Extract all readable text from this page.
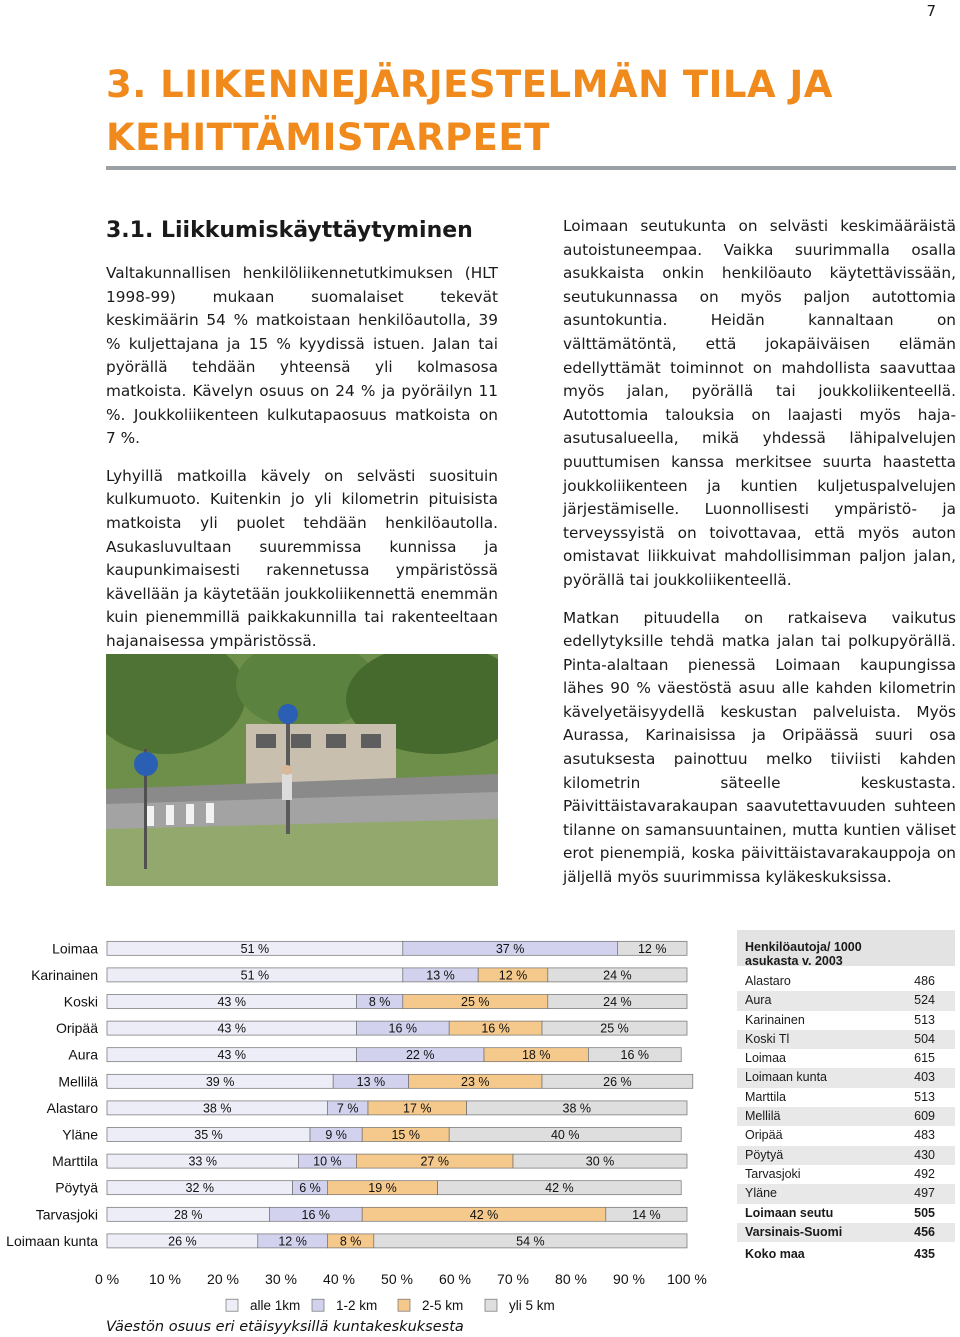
7
3. LIIKENNEJÄRJESTELMÄN TILA JA
KEHITTÄMISTARPEET
3.1. Liikkumiskäyttäytyminen

Valtakunnallisen henkilöliikennetutkimuksen (HLT 1998-99) mukaan suomalaiset tekevät keskimäärin 54 % matkoistaan henkilöautolla, 39 % kuljettajana ja 15 % kyydissä istuen. Jalan tai pyörällä tehdään yhteensä yli kolmasosa matkoista. Kävelyn osuus on 24 % ja pyöräilyn 11 %. Joukkoliikenteen kulkutapaosuus matkoista on 7 %.

Lyhyillä matkoilla kävely on selvästi suosituin kulkumuoto. Kuitenkin jo yli kilometrin pituisista matkoista yli puolet tehdään henkilöautolla. Asukasluvultaan suuremmissa kunnissa ja kaupunkimaisesti rakennetussa ympäristössä kävellään ja käytetään joukkoliikennettä enemmän kuin pienemmillä paikkakunnilla tai rakenteeltaan hajanaisessa ympäristössä.

Loimaan seutukunta on selvästi keskimääräistä autoistuneempaa. Vaikka suurimmalla osalla asukkaista onkin henkilöauto käytettävissään, seutukunnassa on myös paljon autottomia asuntokuntia. Heidän kannaltaan on välttämätöntä, että jokapäiväisen elämän edellyttämät toiminnot on mahdollista saavuttaa myös jalan, pyörällä tai joukkoliikenteellä. Autottomia talouksia on laajasti myös haja-asutusalueella, mikä yhdessä lähipalvelujen puuttumisen kanssa merkitsee suurta haastetta joukkoliikenteen ja kuntien kuljetuspalvelujen järjestämiselle. Luonnollisesti ympäristö- ja terveyssyistä on toivottavaa, että myös auton omistavat liikkuivat mahdollisimman paljon jalan, pyörällä tai joukkoliikenteellä.

Matkan pituudella on ratkaiseva vaikutus edellytyksille tehdä matka jalan tai polkupyörällä. Pinta-alaltaan pienessä Loimaan kaupungissa lähes 90 % väestöstä asuu alle kahden kilometrin kävelyetäisyydellä keskustan palveluista. Myös Aurassa, Karinaisissa ja Oripäässä suuri osa asutuksesta painottuu melko tiiviisti kahden kilometrin säteelle keskustasta. Päivittäistavarakaupan saavutettavuuden suhteen tilanne on samansuuntainen, mutta kuntien väliset erot pienempiä, koska päivittäistavarakauppoja on jäljellä myös suurimmissa kyläkeskuksissa.

Loimaa	51 %	37 %	12 %
Karinainen	51 %	13 %	12 %	24 %
Koski	43 %	8 %	25 %	24 %
Oripää	43 %	16 %	16 %	25 %
Aura	43 %	22 %	18 %	16 %
Mellilä	39 %	13 %	23 %	26 %
Alastaro	38 %	7 %	17 %	38 %
Yläne	35 %	9 %	15 %	40 %
Marttila	33 %	10 %	27 %	30 %
Pöytyä	32 %	6 %	19 %	42 %
Tarvasjoki	28 %	16 %	42 %	14 %
Loimaan kunta	26 %	12 %	8 %	54 %
0 % 10 % 20 % 30 % 40 % 50 % 60 % 70 % 80 % 90 % 100 %
alle 1km	1-2 km	2-5 km	yli 5 km
Väestön osuus eri etäisyyksillä kuntakeskuksesta
Henkilöautoja/ 1000
asukasta v. 2003
Alastaro	486
Aura	524
Karinainen	513
Koski Tl	504
Loimaa	615
Loimaan kunta	403
Marttila	513
Mellilä	609
Oripää	483
Pöytyä	430
Tarvasjoki	492
Yläne	497
Loimaan seutu	505
Varsinais-Suomi	456
Koko maa	435
